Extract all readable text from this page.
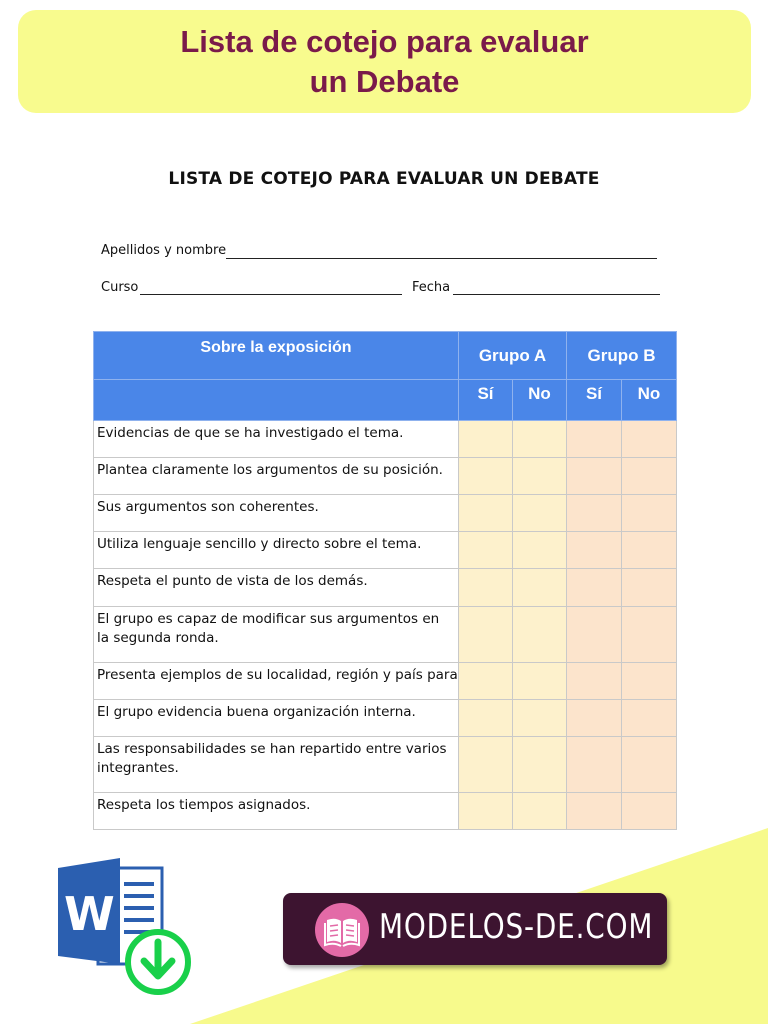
Lista de cotejo para evaluar
un Debate
LISTA DE COTEJO PARA EVALUAR UN DEBATE
Apellidos y nombre
Curso	Fecha
Sobre la exposición	Grupo A		Grupo B	
	Sí	No	Sí	No
Evidencias de que se ha investigado el tema.				
Plantea claramente los argumentos de su posición.				
Sus argumentos son coherentes.				
Utiliza lenguaje sencillo y directo sobre el tema.				
Respeta el punto de vista de los demás.				
El grupo es capaz de modificar sus argumentos en la segunda ronda.				
Presenta ejemplos de su localidad, región y país para				
El grupo evidencia buena organización interna.				
Las responsabilidades se han repartido entre varios integrantes.				
Respeta los tiempos asignados.				
W	MODELOS-DE.COM
